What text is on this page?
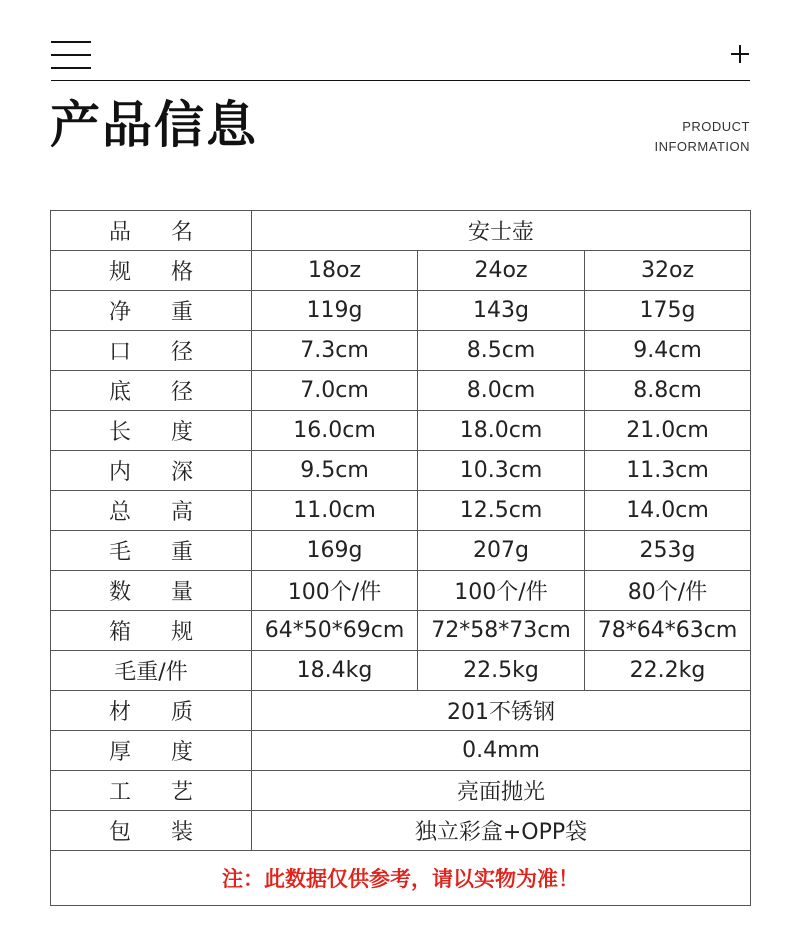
产品信息	PRODUCT
INFORMATION
品 名	安士壶		

规 格	18oz	24oz	32oz

净 重	119g	143g	175g

口 径	7.3cm	8.5cm	9.4cm

底 径	7.0cm	8.0cm	8.8cm

长 度	16.0cm	18.0cm	21.0cm

内 深	9.5cm	10.3cm	11.3cm

总 高	11.0cm	12.5cm	14.0cm

毛 重	169g	207g	253g

数 量	100个/件	100个/件	80个/件

箱 规	64*50*69cm	72*58*73cm	78*64*63cm
毛重/件	18.4kg	22.5kg	22.2kg

材 质	201不锈钢		

厚 度	0.4mm		

工 艺	亮面抛光		

包 装	独立彩盒+OPP袋		
注：此数据仅供参考，请以实物为准！			
